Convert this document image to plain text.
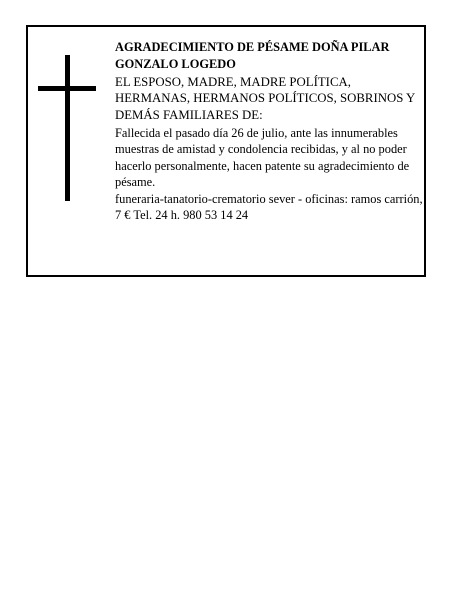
AGRADECIMIENTO DE PÉSAME DOÑA PILAR GONZALO LOGEDO
EL ESPOSO, MADRE, MADRE POLÍTICA, HERMANAS, HERMANOS POLÍTICOS, SOBRINOS Y DEMÁS FAMILIARES DE:
Fallecida el pasado día 26 de julio, ante las innumerables muestras de amistad y condolencia recibidas, y al no poder hacerlo personalmente, hacen patente su agradecimiento de pésame.
funeraria-tanatorio-crematorio sever - oficinas: ramos carrión, 7 € Tel. 24 h. 980 53 14 24
